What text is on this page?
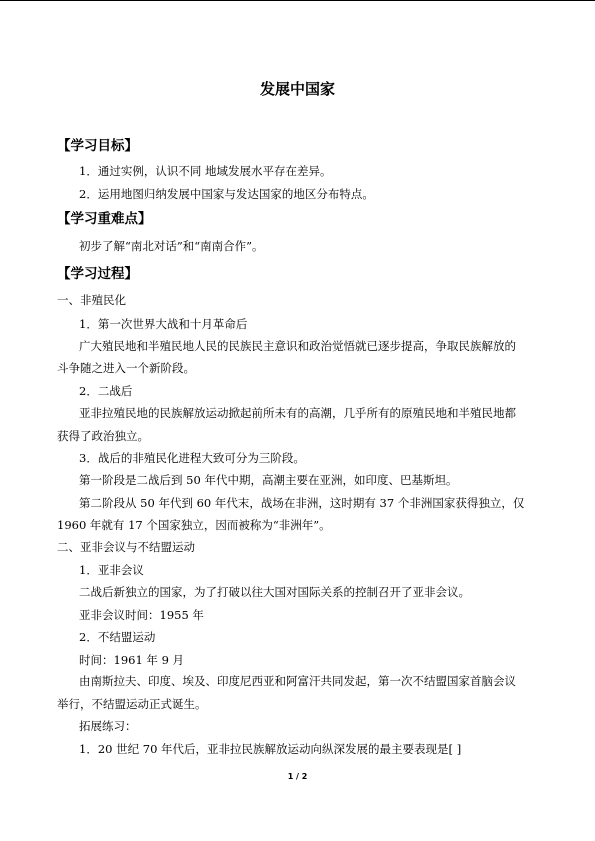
发展中国家
【学习目标】
1．通过实例，认识不同 地域发展水平存在差异。
2．运用地图归纳发展中国家与发达国家的地区分布特点。
【学习重难点】
初步了解“南北对话”和“南南合作”。
【学习过程】
一、非殖民化
1．第一次世界大战和十月革命后
广大殖民地和半殖民地人民的民族民主意识和政治觉悟就已逐步提高，争取民族解放的
斗争随之进入一个新阶段。
2．二战后
亚非拉殖民地的民族解放运动掀起前所未有的高潮，几乎所有的原殖民地和半殖民地都
获得了政治独立。
3．战后的非殖民化进程大致可分为三阶段。
第一阶段是二战后到 50 年代中期，高潮主要在亚洲，如印度、巴基斯坦。
第二阶段从 50 年代到 60 年代末，战场在非洲，这时期有 37 个非洲国家获得独立，仅
1960 年就有 17 个国家独立，因而被称为“非洲年”。
二、亚非会议与不结盟运动
1．亚非会议
二战后新独立的国家，为了打破以往大国对国际关系的控制召开了亚非会议。
亚非会议时间：1955 年
2．不结盟运动
时间：1961 年 9 月
由南斯拉夫、印度、埃及、印度尼西亚和阿富汗共同发起，第一次不结盟国家首脑会议
举行，不结盟运动正式诞生。
拓展练习：
1．20 世纪 70 年代后，亚非拉民族解放运动向纵深发展的最主要表现是[ ]
1 / 2
